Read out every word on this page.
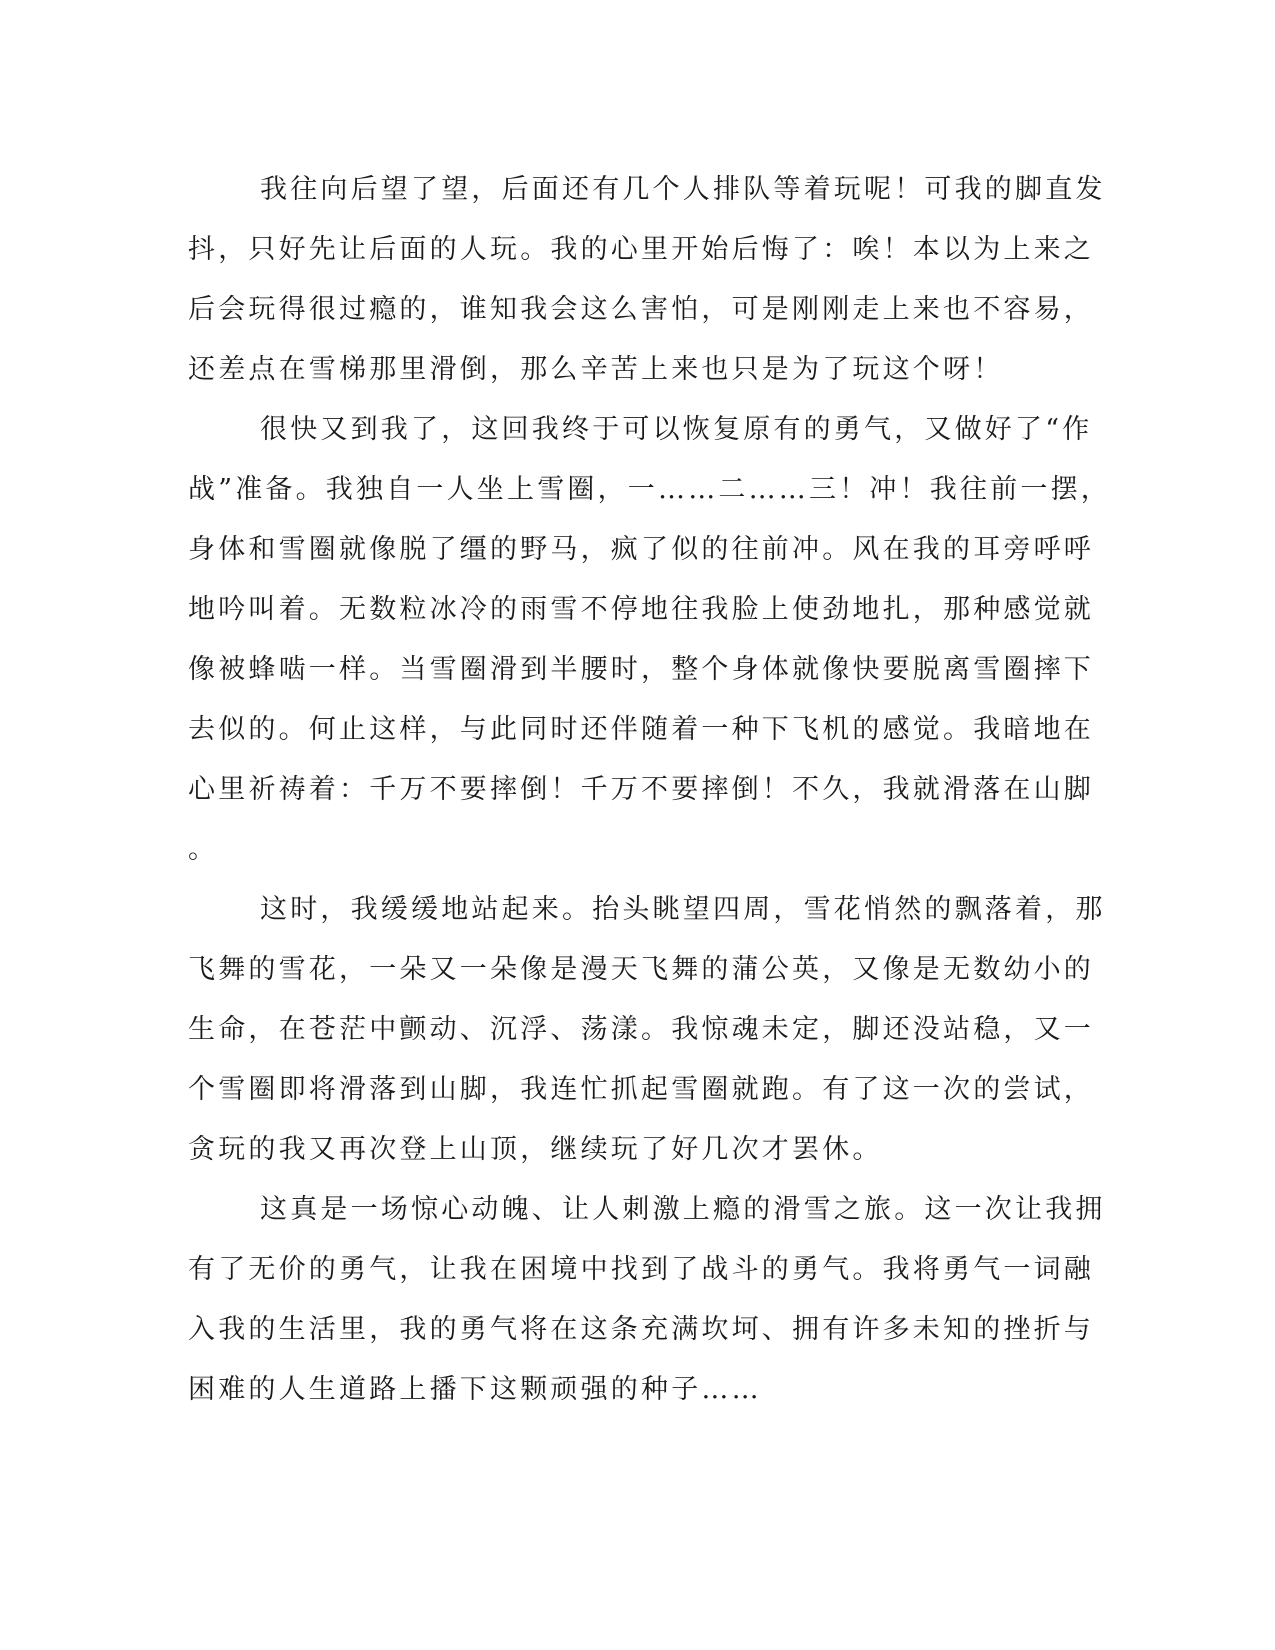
我往向后望了望，后面还有几个人排队等着玩呢！可我的脚直发
抖，只好先让后面的人玩。我的心里开始后悔了：唉！本以为上来之
后会玩得很过瘾的，谁知我会这么害怕，可是刚刚走上来也不容易，
还差点在雪梯那里滑倒，那么辛苦上来也只是为了玩这个呀！

很快又到我了，这回我终于可以恢复原有的勇气，又做好了“作
战”准备。我独自一人坐上雪圈，一……二……三！冲！我往前一摆，
身体和雪圈就像脱了缰的野马，疯了似的往前冲。风在我的耳旁呼呼
地吟叫着。无数粒冰冷的雨雪不停地往我脸上使劲地扎，那种感觉就
像被蜂啮一样。当雪圈滑到半腰时，整个身体就像快要脱离雪圈摔下
去似的。何止这样，与此同时还伴随着一种下飞机的感觉。我暗地在
心里祈祷着：千万不要摔倒！千万不要摔倒！不久，我就滑落在山脚
。

这时，我缓缓地站起来。抬头眺望四周，雪花悄然的飘落着，那
飞舞的雪花，一朵又一朵像是漫天飞舞的蒲公英，又像是无数幼小的
生命，在苍茫中颤动、沉浮、荡漾。我惊魂未定，脚还没站稳，又一
个雪圈即将滑落到山脚，我连忙抓起雪圈就跑。有了这一次的尝试，
贪玩的我又再次登上山顶，继续玩了好几次才罢休。

这真是一场惊心动魄、让人刺激上瘾的滑雪之旅。这一次让我拥
有了无价的勇气，让我在困境中找到了战斗的勇气。我将勇气一词融
入我的生活里，我的勇气将在这条充满坎坷、拥有许多未知的挫折与
困难的人生道路上播下这颗顽强的种子……
